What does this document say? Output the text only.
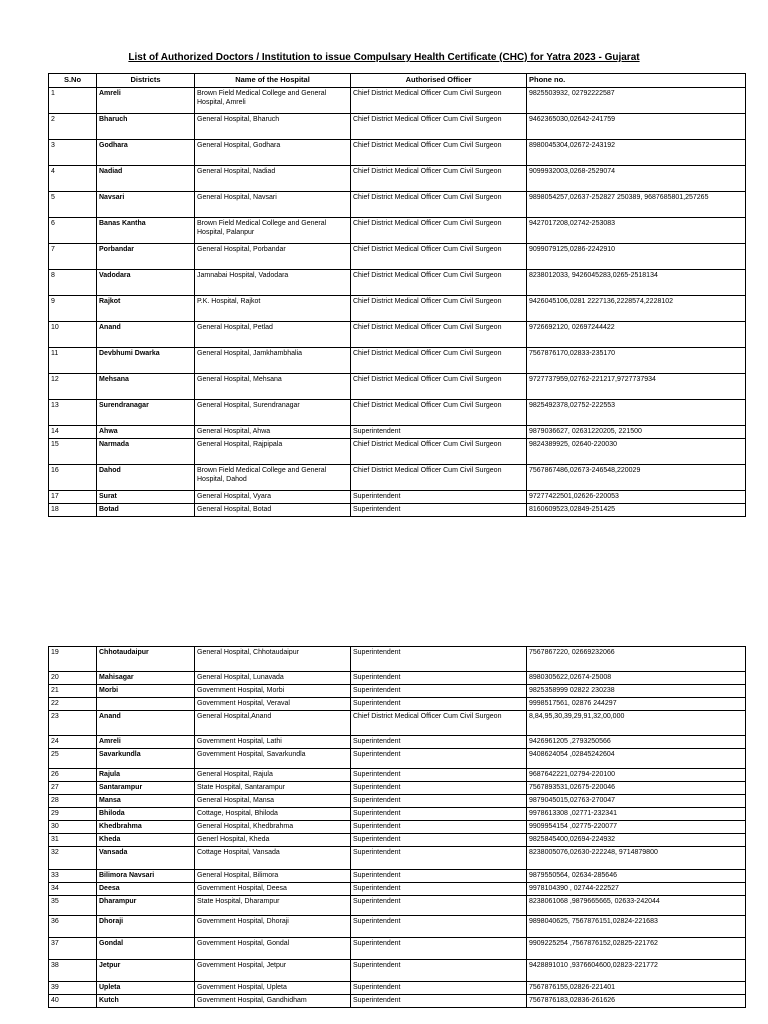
List of Authorized Doctors / Institution to issue Compulsary Health Certificate (CHC) for Yatra 2023 - Gujarat
S.No	Districts	Name of the Hospital	Authorised Officer	Phone no.
1	Amreli	Brown Field Medical College and General Hospital, Amreli	Chief District Medical Officer Cum Civil Surgeon	9825503932, 02792222587
2	Bharuch	General Hospital, Bharuch	Chief District Medical Officer Cum Civil Surgeon	9462365030,02642-241759
3	Godhara	General Hospital, Godhara	Chief District Medical Officer Cum Civil Surgeon	8980045304,02672-243192
4	Nadiad	General Hospital, Nadiad	Chief District Medical Officer Cum Civil Surgeon	9099932003,0268-2529074
5	Navsari	General Hospital, Navsari	Chief District Medical Officer Cum Civil Surgeon	9898054257,02637-252827 250389, 9687685801,257265
6	Banas Kantha	Brown Field Medical College and General Hospital, Palanpur	Chief District Medical Officer Cum Civil Surgeon	9427017208,02742-253083
7	Porbandar	General Hospital, Porbandar	Chief District Medical Officer Cum Civil Surgeon	9099079125,0286-2242910
8	Vadodara	Jamnabai Hospital, Vadodara	Chief District Medical Officer Cum Civil Surgeon	8238012033, 9426045283,0265-2518134
9	Rajkot	P.K. Hospital, Rajkot	Chief District Medical Officer Cum Civil Surgeon	9426045106,0281 2227136,2228574,2228102
10	Anand	General Hospital, Petlad	Chief District Medical Officer Cum Civil Surgeon	9726692120, 02697244422
11	Devbhumi Dwarka	General Hospital, Jamkhambhalia	Chief District Medical Officer Cum Civil Surgeon	7567876170,02833-235170
12	Mehsana	General Hospital, Mehsana	Chief District Medical Officer Cum Civil Surgeon	9727737959,02762-221217,9727737934
13	Surendranagar	General Hospital, Surendranagar	Chief District Medical Officer Cum Civil Surgeon	9825492378,02752-222553
14	Ahwa	General Hospital, Ahwa	Superintendent	9879036627, 02631220205, 221500
15	Narmada	General Hospital, Rajpipala	Chief District Medical Officer Cum Civil Surgeon	9824389925, 02640-220030
16	Dahod	Brown Field Medical College and General Hospital, Dahod	Chief District Medical Officer Cum Civil Surgeon	7567867486,02673-246548,220029
17	Surat	General Hospital, Vyara	Superintendent	97277422501,02626-220053
18	Botad	General Hospital, Botad	Superintendent	8160609523,02849-251425
19	Chhotaudaipur	General Hospital, Chhotaudaipur	Superintendent	7567867220, 02669232066
20	Mahisagar	General Hospital, Lunavada	Superintendent	8980305622,02674-25008
21	Morbi	Government Hospital, Morbi	Superintendent	9825358999 02822 230238
22		Government Hospital, Veraval	Superintendent	9998517561, 02876 244297
23	Anand	General Hospital,Anand	Chief District Medical Officer Cum Civil Surgeon	8,84,95,30,39,29,91,32,00,000
24	Amreli	Government Hospital, Lathi	Superintendent	9426961205 ,2793250566
25	Savarkundla	Government Hospital, Savarkundla	Superintendent	9408624054 ,02845242604
26	Rajula	General Hospital, Rajula	Superintendent	9687642221,02794-220100
27	Santarampur	State Hospital, Santarampur	Superintendent	7567893531,02675-220046
28	Mansa	General Hospital, Mansa	Superintendent	9879045015,02763-270047
29	Bhiloda	Cottage, Hospital, Bhiloda	Superintendent	9978613308 ,02771-232341
30	Khedbrahma	General Hospital, Khedbrahma	Superintendent	9909954154 ,02775-220077
31	Kheda	Generl Hospital, Kheda	Superintendent	9825845400,02694-224932
32	Vansada	Cottage Hospital, Vansada	Superintendent	8238005076,02630-222248, 9714879800
33	Bilimora Navsari	General Hospital, Bilimora	Superintendent	9879550564, 02634-285646
34	Deesa	Government Hospital, Deesa	Superintendent	9978104390 , 02744-222527
35	Dharampur	State Hospital, Dharampur	Superintendent	8238061068 ,9879665665, 02633-242044
36	Dhoraji	Government Hospital, Dhoraji	Superintendent	9898040625, 7567876151,02824-221683
37	Gondal	Government Hospital, Gondal	Superintendent	9909225254 ,7567876152,02825-221762
38	Jetpur	Government Hospital, Jetpur	Superintendent	9428891010 ,9376604600,02823-221772
39	Upleta	Government Hospital, Upleta	Superintendent	7567876155,02826-221401
40	Kutch	Government Hospital, Gandhidham	Superintendent	7567876183,02836-261626
